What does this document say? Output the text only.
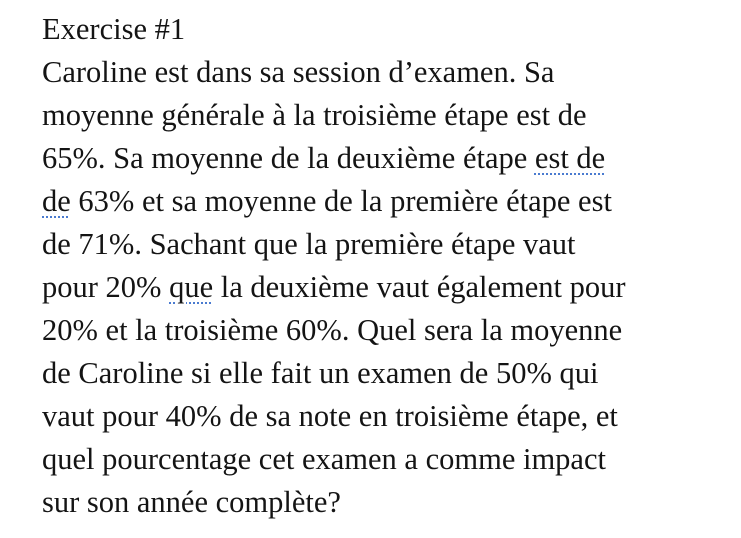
Exercise #1
Caroline est dans sa session d’examen. Sa
moyenne générale à la troisième étape est de
65%. Sa moyenne de la deuxième étape est de
de 63% et sa moyenne de la première étape est
de 71%. Sachant que la première étape vaut
pour 20% que la deuxième vaut également pour
20% et la troisième 60%. Quel sera la moyenne
de Caroline si elle fait un examen de 50% qui
vaut pour 40% de sa note en troisième étape, et
quel pourcentage cet examen a comme impact
sur son année complète?
